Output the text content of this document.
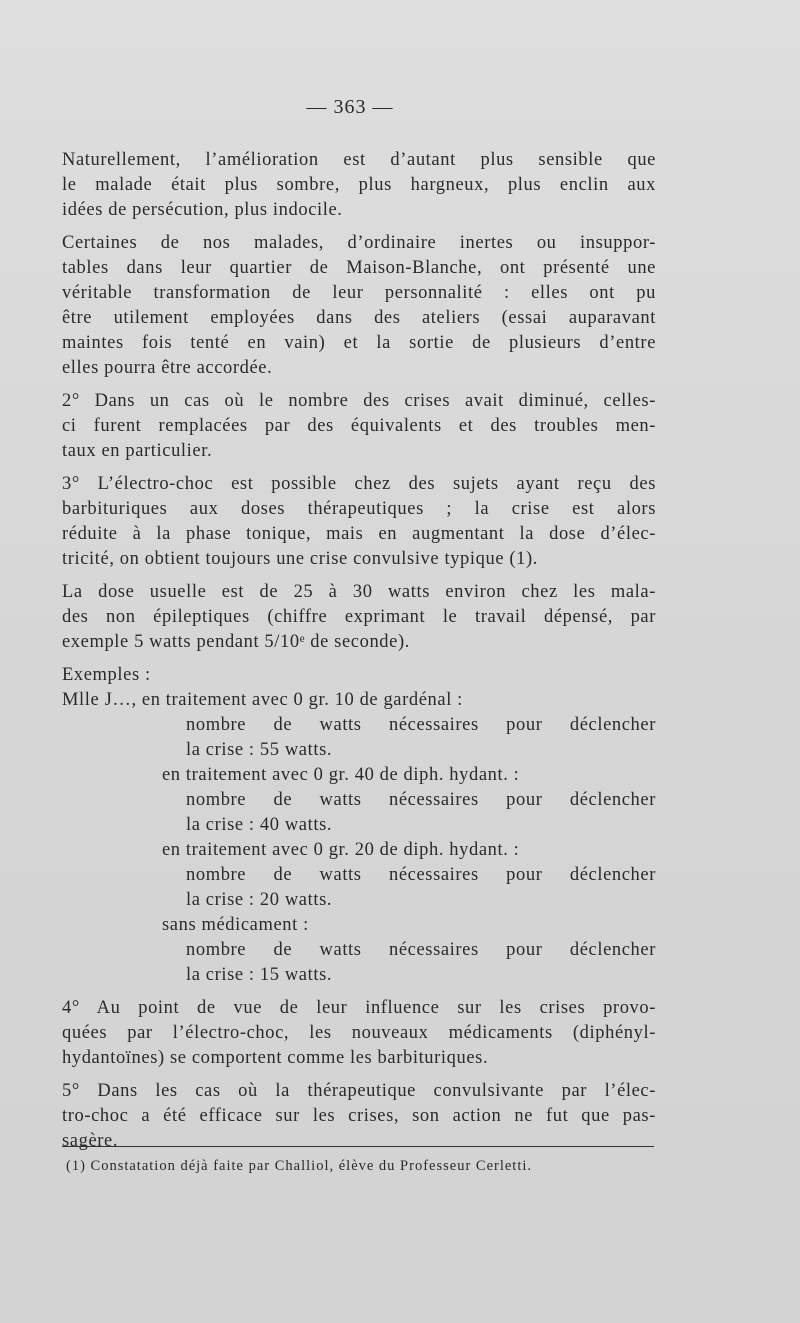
— 363 —
Naturellement, l’amélioration est d’autant plus sensible que
le malade était plus sombre, plus hargneux, plus enclin aux
idées de persécution, plus indocile.
Certaines de nos malades, d’ordinaire inertes ou insuppor-
tables dans leur quartier de Maison-Blanche, ont présenté une
véritable transformation de leur personnalité : elles ont pu
être utilement employées dans des ateliers (essai auparavant
maintes fois tenté en vain) et la sortie de plusieurs d’entre
elles pourra être accordée.
2° Dans un cas où le nombre des crises avait diminué, celles-
ci furent remplacées par des équivalents et des troubles men-
taux en particulier.
3° L’électro-choc est possible chez des sujets ayant reçu des
barbituriques aux doses thérapeutiques ; la crise est alors
réduite à la phase tonique, mais en augmentant la dose d’élec-
tricité, on obtient toujours une crise convulsive typique (1).
La dose usuelle est de 25 à 30 watts environ chez les mala-
des non épileptiques (chiffre exprimant le travail dépensé, par
exemple 5 watts pendant 5/10ᵉ de seconde).
Exemples :
Mlle J…, en traitement avec 0 gr. 10 de gardénal :
nombre de watts nécessaires pour déclencher
la crise : 55 watts.
en traitement avec 0 gr. 40 de diph. hydant. :
nombre de watts nécessaires pour déclencher
la crise : 40 watts.
en traitement avec 0 gr. 20 de diph. hydant. :
nombre de watts nécessaires pour déclencher
la crise : 20 watts.
sans médicament :
nombre de watts nécessaires pour déclencher
la crise : 15 watts.
4° Au point de vue de leur influence sur les crises provo-
quées par l’électro-choc, les nouveaux médicaments (diphényl-
hydantoïnes) se comportent comme les barbituriques.
5° Dans les cas où la thérapeutique convulsivante par l’élec-
tro-choc a été efficace sur les crises, son action ne fut que pas-
sagère.
(1) Constatation déjà faite par Challiol, élève du Professeur Cerletti.
